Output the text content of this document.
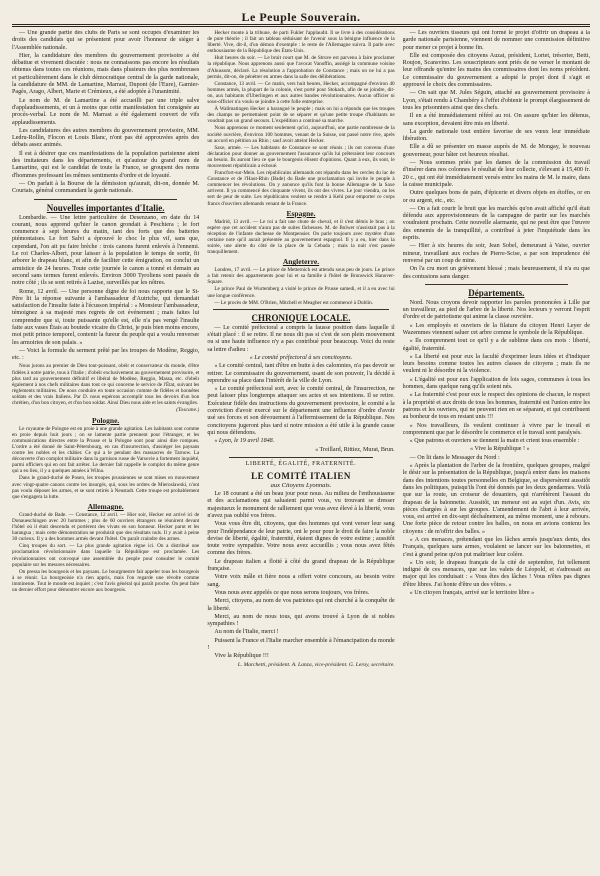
Le Peuple Souverain.

— Une grande partie des clubs de Paris se sont occupés d'examiner les droits des candidats qui se présentent pour avoir l'honneur de siéger à l'Assemblée nationale.

Hier, la candidature des membres du gouvernement provisoire a été débattue et vivement discutée : nous ne connaissons pas encore les résultats obtenus dans toutes ces réunions, mais dans plusieurs des plus nombreuses et particulièrement dans le club démocratique central de la garde nationale, la candidature de MM. de Lamartine, Marrast, Dupont (de l'Eure), Garnier-Pagès, Arago, Albert, Marie et Crémieux, a été adoptée à l'unanimité.

Le nom de M. de Lamartine a été accueilli par une triple salve d'applaudissements, et un à moins que cette manifestation fut consignée au procès-verbal. Le nom de M. Marrast a été également couvert de vifs applaudissements.

Les candidatures des autres membres du gouvernement provisoire, MM. Ledru-Rollin, Flocon et Louis Blanc, n'ont pas été approuvées après des débats assez animés.

Il est à désirer que ces manifestations de la population parisienne aient des imitateurs dans les départements, et qu'autour du grand nom de Lamartine, qui est le candidat de toute la France, se groupent des noms d'hommes professant les mêmes sentiments d'ordre et de loyauté.

— On parlait à la Bourse de la démission qu'aurait, dit-on, donnée M. Courtais, général commandant la garde nationale.

Nouvelles importantes d'Italie.

Lombardie. — Une lettre particulière de Desenzano, en date du 14 courant, nous apprend qu'hier le canon grondait à Peschiera ; le fort commence à sept heures du matin, tant des forts que des batteries piémontaises. Le fort Salvi a éprouvé le choc le plus vif, sans que, cependant, l'on ait pu faire brèche : trois canons furent enlevés à l'ennemi. Le roi Charles-Albert, pour laisser à la population le temps de sortir, fit arborer le drapeau blanc, et afin de faciliter cette émigration, on conclut un armistice de 24 heures. Toute cette journée le canon a tonné et demain au second sans termes furent enlevés. Environ 3000 Tyroliens sont passés de notre côté ; ils se sont retirés à Lazise, surveillés par les nôtres.

Rome, 12 avril. — Une personne digne de foi nous rapporte que le St-Père lit la réponse suivante à l'ambassadeur d'Autriche, qui demandait satisfaction de l'insulte faite à l'écusson impérial : « Monsieur l'ambassadeur, témoignez à sa majesté mes regrets de cet événement ; mais faites lui comprendre que si, toute puissante qu'elle est, elle n'a pas vengé l'insulte faite aux vases Étais au boutede vicaire du Christ, je puis bien moins encore, moi petit prince temporel, contenir la fureur du peuple qui a voulu renverser les armoiries de son palais. »

— Voici la formule du serment prêté par les troupes de Modène, Reggio, etc. :

Nous jurons au premier de Dieu tout-puissant, obéir et conservateur du monde, d'être fidèles à notre patrie, tous à l'Italie ; d'obéir exclusivement au gouvernement provisoire, et plus tard au gouvernement définitif et libéral de Modène, Reggio, Massa, etc. d'obéir également à nos chefs militaires dans tout ce qui concerne le service de l'État, suivant les règlements militaires. De nous conduire en toute occasion comme de fidèles et honnêtes soldats et des vrais Italiens. Par D. nous espérons accomplir tous les devoirs d'un bon chrétien, d'un bon citoyen, et d'un bon soldat. Ainsi Dieu nous aide et les saints évangiles.

(Toscane.)
Pologne.

Le royaume de Pologne est en proie à une grande agitation. Les habitants sont comme en proie depuis huit jours ; on se lamente partie prennent pour l'étranger, et les communications directes entre la Prusse et la Pologne sont pour ainsi dire rompues. L'ordre a été donné de Saint-Pétersbourg, en cas d'insurrection, d'assiéger les paysans contre les nobles et les châtier. Ce qui a le pendant des massacres de Tarnow. La découverte d'un complot militaire dans la garnison russe de Varsovie a fortement inquiété, parmi officiers qui en ont fait arrêter. Le dernier fait rappelle le complot du même genre qui a eu lieu, il y a quelques années à Wilna.

Dans le grand-duché de Posen, les troupes prussiennes se sont mises en mouvement avec vingt-quatre canons contre les insurgés, qui, sous les ordres de Mieroslawski, n'ont pas voulu déposer les armes, et se sont retirés à Neustadt. Cette troupe est probablement que s'engagera la lutte.

Allemagne.

Grand-duché de Bade. — Constance, 12 avril. — Hier soir, Hecker est arrivé ici de Donaueschingen avec 20 hommes ; plus de 60 ouvriers étrangers se réunirent devant l'hôtel où il était descendu et portèrent des vivats en son honneur. Hecker parut et les harangua ; mais cette démonstration ne produisit que des résultats nuls. Il y avait à peine 30 curieux. Il y a des hommes armés devant l'hôtel. On paraît craindre des armes.

Cinq troupes du sort. — La plus grande agitation règne ici. On a distribué une proclamation révolutionnaire dans laquelle la République est proclamée. Les révolutionnaires ont convoqué une assemblée du peuple pour consulter le comité populaire sur les mesures nécessaires.

On pressa les bourgeois et les paysans. Le bourgmestre fait appeler tous les bourgeois à se réunir. La bourgeoisie n'a rien appris, mais l'on regarde une révolte comme imminente. Tout le monde est inquiet ; c'est l'avis général qui paraît proche. On peut faire un dernier effort pour démontrer encore aux bourgeois.

Hecker monte à la tribune, de parti Fukler l'applaudit. Il se livre à des considérations de pure théorie ; il fait un tableau séduisant de l'avenir sous la bénigne influence de la liberté. Vive, dit-il, d'un démon d'exemple : le reste de l'Allemagne suivra. Il parle avec enthousiasme de la République des États-Unis.

Huit heures du soir. — Le bruit court que M. de Struve est parvenu à faire proclamer la république. Nous apprenons aussi que l'avocat Vanoffin, assiégé la commune voisine d'Ahussum, déclaré. La résolution a l'approbation de Constance ; mais on ne lui a pas permis, dit-on, de pénétrer en armes dans la salle des délibérations.

Constance, 13 avril. — Ce matin, vers huit heures, Hecker, accompagné d'environ 40 hommes armés, la plupart de la colonie, s'est porté pour Stokach, afin de se joindre, dit-on, aux habitants d'Uberlingen et aux autres bandes révolutionnaires. Aucun officier ni sous-officier n'a voulu se joindre à cette folle entreprise.

À Wallmatingen Hecker a harangué le peuple ; mais on lui a répondu que les troupes des champs ne permettaient point de se séparer et qu'une petite troupe d'habitants ne voudrait pas un grand secours. L'expédition a continué sa marche.

Nous apprenons ce moment seulement qu'ici, aujourd'hui, une partie nombreuse de la société ouvrière, d'environ 100 hommes, venant de la Suisse, ont passé notre rive, après un accord en pétition au Rhin ; sauf avoir atteint Hecker.

Saxe, armée. — Les habitants de Constance se sont réunis ; ils ont convenu d'une déclaration pour donner au gouvernement l'assurance qu'ils lui prêteraient leur concours au besoin. Ils auront lieu ce que le bourgeois élisent d'opinions. Quant à eux, ils sont, le mouvement républicain a échoué.

Francfort-sur-Mein. Les républicains allemands ont répandu dans les cercles du lac de Constance et de l'Haut-Rhin (Bade) du Bade une proclamation qui invite le peuple à commencer les révolutions. On y annonce qu'ils font la bonne Allemagne de la Saxe arrivent. Il ya commencé des cinquante vivent, ils ont des vivres. Le jour viendra, on les sert de peur de suite. Les républicains veulent se rendre à Kehl pour emporter ce corps francs d'ouvriers allemands venant de la France.

Espagne.

Madrid, 13 avril. — Le roi a fait une chute de cheval, et il s'est démis le bras ; on espère que cet accident n'aura pas de suites fâcheuses. M. de Bulwer n'assistait pas à la réception de l'infante duchesse de Montpensier. On parle toujours avec mystère d'une certaine note qu'il aurait présentée au gouvernement espagnol. Il y a eu, hier dans la soirée, une alerte du côté de la place de la Cebada ; mais la nuit s'est passée tranquillement.

Angleterre.

Londres, 17 avril. — Le prince de Metternich est attendu sous peu de jours. Le prince a fait retenir des appartements pour lui et sa famille à l'hôtel de Brunswick Hanover-Square.

Le prince Paul de Wurtemberg a visité le prince de Prusse samedi, et il a eu avec lui une longue conférence.

— Le procès de MM. O'Brien, Mitchell et Meagher est commencé à Dublin.

CHRONIQUE LOCALE.

— Le comité préfectoral a compris la fausse position dans laquelle il s'était placé : il se retire. Il ne nous dit pas si c'est de son plein mouvement ou si une haute influence n'y a pas contribué pour beaucoup. Voici du reste sa lettre d'adieu :

« Le comité préfectoral à ses concitoyens.

« Le comité central, tant d'être en butte à des calomnies, n'a pas devoir se retirer. Le commissaire du gouvernement, usant de son pouvoir, l'a décidé à reprendre sa place dans l'intérêt de la ville de Lyon.

« Le comité préfectoral sort, avec le comité central, de l'insurrection, ne peut laisser plus longtemps attaquer ses actes et ses intentions. Il se retire. Exécuteur fidèle des instructions du gouvernement provisoire, le comité a la conviction d'avoir exercé sur le département une influence d'ordre d'avoir usé ses forces et son dévouement à l'affermissement de la République. Nos concitoyens jugeront plus tard si notre mission a été utile à la grande cause qui nous défendons.

« Lyon, le 19 avril 1848.

« Treillard, Rittiez, Murat, Brun.

LIBERTÉ, ÉGALITÉ, FRATERNITÉ.
LE COMITÉ ITALIEN
aux Citoyens Lyonnais.

Le 18 courant a été un beau jour pour nous. Au milieu de l'enthousiasme et des acclamations qui saluaient parmi vous, vu trouvant se dresser majestueux le monument de ralliement que vous avez élevé à la liberté, vous n'avez pas oublié vos frères.

Vous vous être dit, citoyens, que des hommes qui vont verser leur sang pour l'indépendance de leur patrie, ont le pour pour le droit de faire la noble devise de liberté, égalité, fraternité, étaient dignes de votre estime ; aussitôt toute votre sympathie. Votre nous avez accueillis ; vous nous avez fêtés comme des frères.

Le drapeau italien a flotté à côté du grand drapeau de la République française.

Votre voix mâle et fière nous a offert votre concours, au besoin votre sang.

Vous nous avez appelés ce que nous serons toujours, vos frères.

Merci, citoyens, au nom de vos patriotes qui ont cherché à la conquête de la liberté.

Merci, au nom de nous tous, qui avons trouvé à Lyon de si nobles sympathies !

Au nom de l'Italie, merci !

Puissent la France et l'Italie marcher ensemble à l'émancipation du monde !

Vive la République !!!

L. Marchetti, président. A. Lanza, vice-président. G. Leroy, secrétaire.

— Les ouvriers tisseurs qui ont formé le projet d'offrir un drapeau à la garde nationale parisienne, viennent de nommer une commission définitive pour mener ce projet à bonne fin.

Elle est composée des citoyens Auzat, président, Lortet, trésorier, Betti, Roujon, Scansvino. Les souscripteurs sont priés de ne verser le montant de leur offrande qu'entre les mains des commissaires dont les noms précèdent. Le commissaire du gouvernement a adopté le projet dont il s'agit et approuvé le choix des commissaires.

— On sait que M. Jules Séguin, attaché au gouvernement provisoire à Lyon, s'était rendu à Chambéry à l'effet d'obtenir le prompt élargissement de tous les prisonniers ainsi que des chefs.

Il en a été immédiatement référé au roi. On assure qu'hier les détenus, sans exception, devaient être mis en liberté.

La garde nationale tout entière favorise de ses vœux leur immédiate libération.

Elle a dû se présenter en masse auprès de M. de Mongay, le nouveau gouverneur, pour hâter cet heureux résultat.

— Nous sommes priés par les dames de la commission du travail d'insérer dans nos colonnes le résultat de leur collecte, s'élevant à 15,400 fr. 20 c., qui ont été immédiatement versés entre les mains de M. le maire, dans la caisse municipale.

Outre quelques bons de pain, d'épicerie et divers objets en étoffes, or en or ou argent, etc., etc.

— On a fait courir le bruit que les marchés qu'on avait affiché qu'il était défendu aux approvisionneurs de la campagne de partir sur les marchés voudraient prochain. Cette nouvelle alarmante, qui ne peut être que l'œuvre des ennemis de la tranquillité, a contribué à jeter l'inquiétude dans les esprits.

— Hier à six heures du soir, Jean Sobel, demeurant à Vaise, ouvrier mineur, travaillant aux roches de Pierre-Scise, a par son imprudence été renversé par un coup de mine.

On l'a cru mort un grièvement blessé ; mais heureusement, il n'a eu que des contusions sans danger.

Départements.

Nord. Nous croyons devoir rapporter les paroles prononcées à Lille par un travailleur, au pied de l'arbre de la liberté. Nos lecteurs y verront l'esprit d'ordre et de patriotisme qui anime la classe ouvrière.

« Les employés et ouvriers de la filature du citoyen Henri Leyer de Wazemmes viennent saluer cet arbre comme le symbole de la République.

« Ils comprennent tout ce qu'il y a de sublime dans ces mots : liberté, égalité, fraternité.

« La liberté est pour eux la faculté d'exprimer leurs idées et d'indiquer leurs besoins comme toutes les autres classes de citoyens ; mais ils ne veulent ni le désordre ni la violence.

« L'égalité est pour eux l'application de lois sages, communes à tous les hommes, dans quelque rang qu'ils soient nés.

« La fraternité c'est pour eux le respect des opinions de chacun, le respect à la propriété et aux droits de tous les hommes, fraternité est l'union entre les patrons et les ouvriers, qui ne peuvent rien en se séparant, et qui contribuent au bonheur de tous en restant unis !!!

« Nos travailleurs, ils veulent continuer à vivre par le travail et comprennent que par le désordre le commerce et le travail sont paralysés.

« Que patrons et ouvriers se tiennent la main et crient tous ensemble :

« Vive la République ! »

— On lit dans le Messager du Nord :

« Après la plantation de l'arbre de la frontière, quelques groupes, malgré le désir sur la présentation de la République, jusqu'à entrer dans les maisons dans des intentions toutes personnelles en Belgique, se dispersèrent aussitôt dans les politiques, puisqu'ils l'ont été donnés par les deux gendarmes. Voilà que sur la route, un croiseur de douaniers, qui n'arrêtèrent l'assaut du drapeau de la baïonnette. Aussitôt, un meneur est au sujet d'un. Avis, six pièces chargées à sur les groupes. L'amendement de l'abri à leur arrivée, vous, est arrivé en dix-sept déchaînement, au même moment, une à rebours. Une forte pièce de retour contre les balles, on nous en avions contenu les citoyens : de m'offrir des balles. »

« A ces menaces, prétendant que les lâches armés jusqu'aux dents, des Français, quelques sans armes, voulaient se lancer sur les baïonnettes, et c'est à grand peine qu'on put maîtriser leur colère.

« Un soir, le drapeau français de la cité de septembre, fut tellement indigné de ces menaces, que sur les valets de Léopold, et s'adressait au major qui les conduisait : « Vous êtes des lâches ! Vous n'êtes pas dignes d'être libres. J'ai honte d'être un des vôtres. »

« Un citoyen français, arrivé sur le territoire libre »
